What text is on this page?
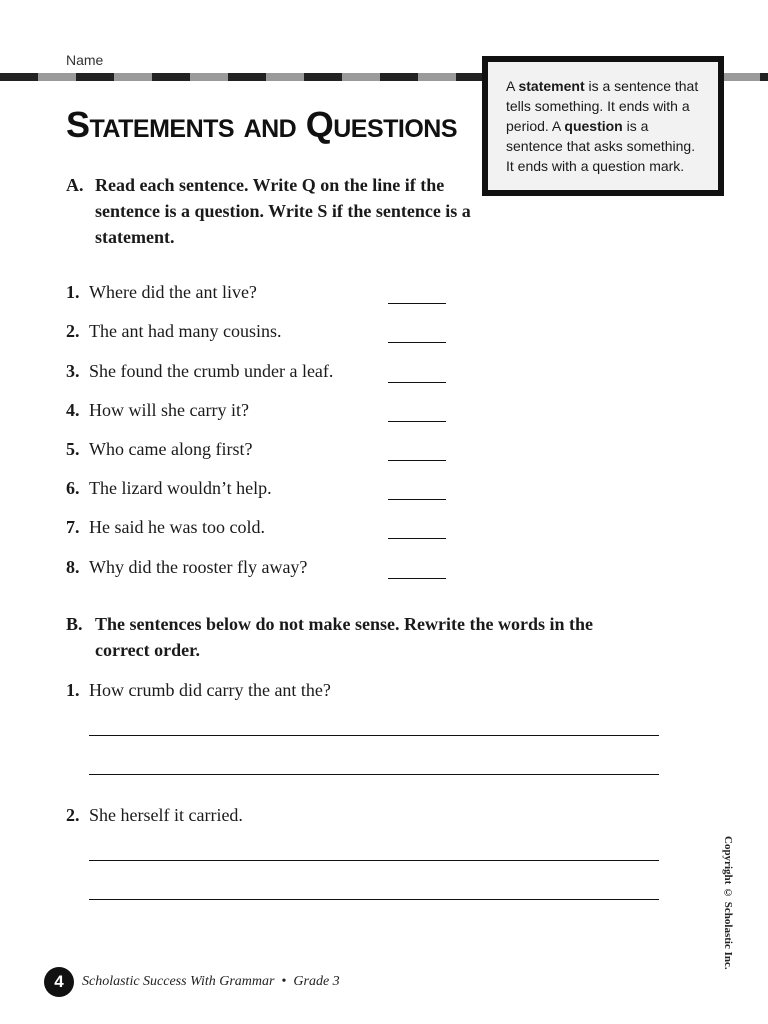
Name
A statement is a sentence that tells something. It ends with a period. A question is a sentence that asks something. It ends with a question mark.
Statements and Questions
A. Read each sentence. Write Q on the line if the sentence is a question. Write S if the sentence is a statement.
1. Where did the ant live?
2. The ant had many cousins.
3. She found the crumb under a leaf.
4. How will she carry it?
5. Who came along first?
6. The lizard wouldn’t help.
7. He said he was too cold.
8. Why did the rooster fly away?
B. The sentences below do not make sense. Rewrite the words in the correct order.
1. How crumb did carry the ant the?
2. She herself it carried.
Copyright © Scholastic Inc.
4	Scholastic Success With Grammar • Grade 3
